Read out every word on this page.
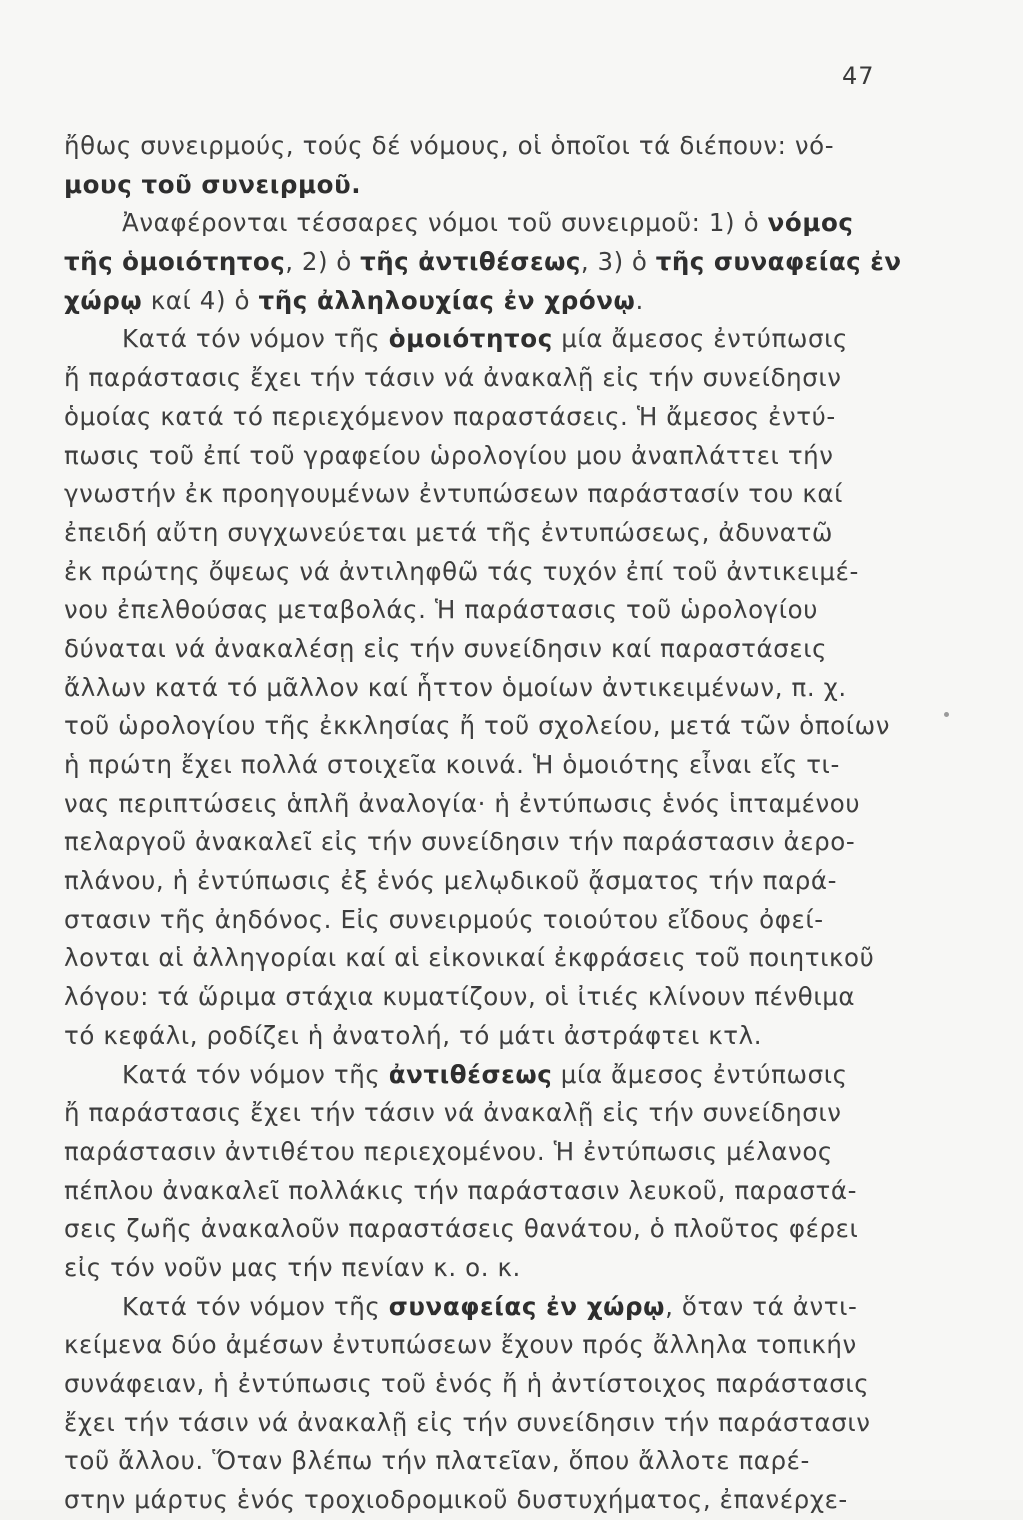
47
ἤθως συνειρμούς, τούς δέ νόμους, οἱ ὁποῖοι τά διέπουν: νό-
μους τοῦ συνειρμοῦ.
Ἀναφέρονται τέσσαρες νόμοι τοῦ συνειρμοῦ: 1) ὁ νόμος
τῆς ὁμοιότητος, 2) ὁ τῆς ἀντιθέσεως, 3) ὁ τῆς συναφείας ἐν
χώρῳ καί 4) ὁ τῆς ἀλληλουχίας ἐν χρόνῳ.
Κατά τόν νόμον τῆς ὁμοιότητος μία ἄμεσος ἐντύπωσις
ἤ παράστασις ἔχει τήν τάσιν νά ἀνακαλῇ εἰς τήν συνείδησιν
ὁμοίας κατά τό περιεχόμενον παραστάσεις. Ἡ ἄμεσος ἐντύ-
πωσις τοῦ ἐπί τοῦ γραφείου ὡρολογίου μου ἀναπλάττει τήν
γνωστήν ἐκ προηγουμένων ἐντυπώσεων παράστασίν του καί
ἐπειδή αὔτη συγχωνεύεται μετά τῆς ἐντυπώσεως, ἀδυνατῶ
ἐκ πρώτης ὄψεως νά ἀντιληφθῶ τάς τυχόν ἐπί τοῦ ἀντικειμέ-
νου ἐπελθούσας μεταβολάς. Ἡ παράστασις τοῦ ὡρολογίου
δύναται νά ἀνακαλέσῃ εἰς τήν συνείδησιν καί παραστάσεις
ἄλλων κατά τό μᾶλλον καί ἧττον ὁμοίων ἀντικειμένων, π. χ.
τοῦ ὡρολογίου τῆς ἐκκλησίας ἤ τοῦ σχολείου, μετά τῶν ὁποίων
ἡ πρώτη ἔχει πολλά στοιχεῖα κοινά. Ἡ ὁμοιότης εἶναι εἴς τι-
νας περιπτώσεις ἁπλῆ ἀναλογία· ἡ ἐντύπωσις ἑνός ἱπταμένου
πελαργοῦ ἀνακαλεῖ εἰς τήν συνείδησιν τήν παράστασιν ἀερο-
πλάνου, ἡ ἐντύπωσις ἐξ ἑνός μελῳδικοῦ ᾄσματος τήν παρά-
στασιν τῆς ἀηδόνος. Εἰς συνειρμούς τοιούτου εἴδους ὀφεί-
λονται αἱ ἀλληγορίαι καί αἱ εἰκονικαί ἐκφράσεις τοῦ ποιητικοῦ
λόγου: τά ὥριμα στάχια κυματίζουν, οἱ ἰτιές κλίνουν πένθιμα
τό κεφάλι, ροδίζει ἡ ἀνατολή, τό μάτι ἀστράφτει κτλ.
Κατά τόν νόμον τῆς ἀντιθέσεως μία ἄμεσος ἐντύπωσις
ἤ παράστασις ἔχει τήν τάσιν νά ἀνακαλῇ εἰς τήν συνείδησιν
παράστασιν ἀντιθέτου περιεχομένου. Ἡ ἐντύπωσις μέλανος
πέπλου ἀνακαλεῖ πολλάκις τήν παράστασιν λευκοῦ, παραστά-
σεις ζωῆς ἀνακαλοῦν παραστάσεις θανάτου, ὁ πλοῦτος φέρει
εἰς τόν νοῦν μας τήν πενίαν κ. ο. κ.
Κατά τόν νόμον τῆς συναφείας ἐν χώρῳ, ὅταν τά ἀντι-
κείμενα δύο ἀμέσων ἐντυπώσεων ἔχουν πρός ἄλληλα τοπικήν
συνάφειαν, ἡ ἐντύπωσις τοῦ ἑνός ἤ ἡ ἀντίστοιχος παράστασις
ἔχει τήν τάσιν νά ἀνακαλῇ εἰς τήν συνείδησιν τήν παράστασιν
τοῦ ἄλλου. Ὅταν βλέπω τήν πλατεῖαν, ὅπου ἄλλοτε παρέ-
στην μάρτυς ἑνός τροχιοδρομικοῦ δυστυχήματος, ἐπανέρχε-
